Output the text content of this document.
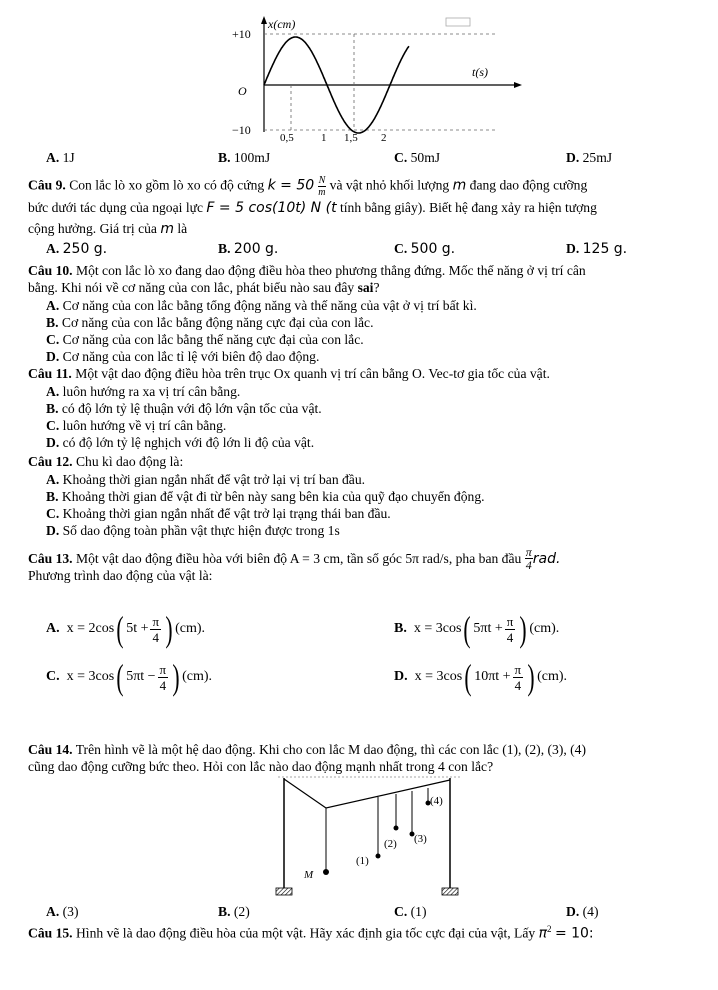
x(cm)
t(s)
+10
O
−10
0,5 1 1,5 2
A. 1J	B. 100mJ	C. 50mJ	D. 25mJ
Câu 9. Con lắc lò xo gồm lò xo có độ cứng $k = 50 \frac{N}{m}$ và vật nhỏ khối lượng m đang dao động cưỡng
bức dưới tác dụng của ngoại lực F = 5 cos(10t) N (t tính bằng giây). Biết hệ đang xảy ra hiện tượng
cộng hưởng. Giá trị của m là
A. 250 g.	B. 200 g.	C. 500 g.	D. 125 g.
Câu 10. Một con lắc lò xo đang dao động điều hòa theo phương thẳng đứng. Mốc thế năng ở vị trí cân
bằng. Khi nói về cơ năng của con lắc, phát biểu nào sau đây sai?
A. Cơ năng của con lắc bằng tổng động năng và thế năng của vật ở vị trí bất kì.
B. Cơ năng của con lắc bằng động năng cực đại của con lắc.
C. Cơ năng của con lắc bằng thế năng cực đại của con lắc.
D. Cơ năng của con lắc tỉ lệ với biên độ dao động.
Câu 11. Một vật dao động điều hòa trên trục Ox quanh vị trí cân bằng O. Vec-tơ gia tốc của vật.
A. luôn hướng ra xa vị trí cân bằng.
B. có độ lớn tỷ lệ thuận với độ lớn vận tốc của vật.
C. luôn hướng về vị trí cân bằng.
D. có độ lớn tỷ lệ nghịch với độ lớn li độ của vật.
Câu 12. Chu kì dao động là:
A. Khoảng thời gian ngắn nhất để vật trở lại vị trí ban đầu.
B. Khoảng thời gian để vật đi từ bên này sang bên kia của quỹ đạo chuyển động.
C. Khoảng thời gian ngắn nhất để vật trở lại trạng thái ban đầu.
D. Số dao động toàn phần vật thực hiện được trong 1s
Câu 13.
Một vật dao động điều hòa với biên độ A = 3 cm, tần số góc 5π rad/s, pha ban đầu
$\frac{\pi}{4}$ rad.
Phương trình dao động của vật là:
A.
x = 2cos ( $5t + \frac{\pi}{4}$ ) (cm).	B.
x = 3cos ( $5\pi t + \frac{\pi}{4}$ ) (cm).
C.
x = 3cos ( $5\pi t - \frac{\pi}{4}$ ) (cm).	D.
x = 3cos ( $10\pi t + \frac{\pi}{4}$ ) (cm).
Câu 14. Trên hình vẽ là một hệ dao động. Khi cho con lắc M dao động, thì các con lắc (1), (2), (3), (4)
cũng dao động cưỡng bức theo. Hỏi con lắc nào dao động mạnh nhất trong 4 con lắc?
M
(1)
(2) (3)
(4)
A. (3)	B. (2)	C. (1)	D. (4)
Câu 15. Hình vẽ là dao động điều hòa của một vật. Hãy xác định gia tốc cực đại của vật, Lấy $\pi^2 = 10$:
